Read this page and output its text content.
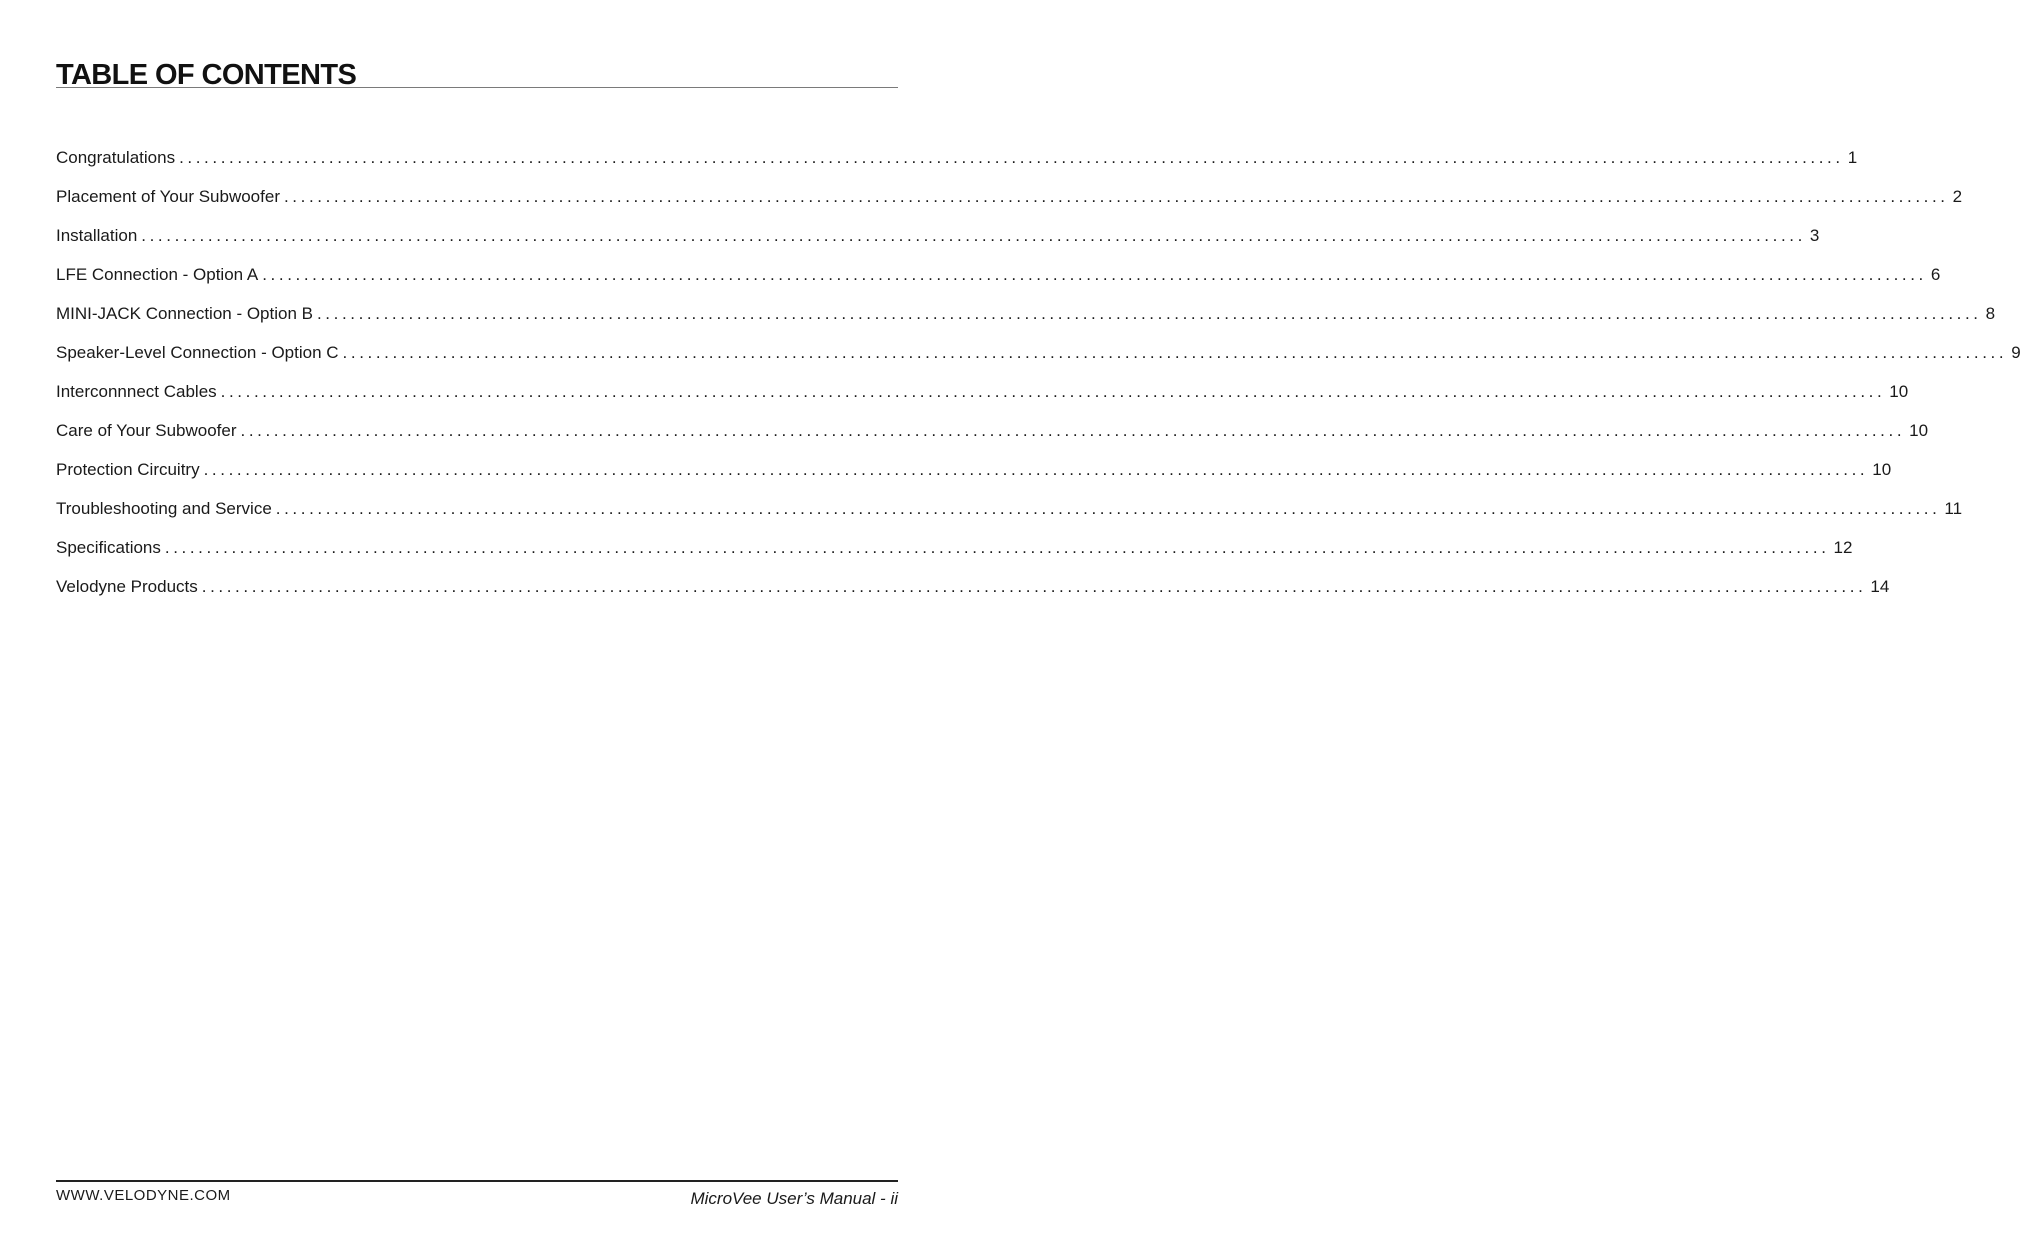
TABLE OF CONTENTS
Congratulations ........................................................................................................................................................................................................ 1
Placement of Your Subwoofer ........................................................................................................................................................................................................ 2
Installation ........................................................................................................................................................................................................ 3
LFE Connection - Option A ........................................................................................................................................................................................................ 6
MINI-JACK Connection - Option B ........................................................................................................................................................................................................ 8
Speaker-Level Connection - Option C ........................................................................................................................................................................................................ 9
Interconnnect Cables ........................................................................................................................................................................................................ 10
Care of Your Subwoofer ........................................................................................................................................................................................................ 10
Protection Circuitry ........................................................................................................................................................................................................ 10
Troubleshooting and Service ........................................................................................................................................................................................................ 11
Specifications ........................................................................................................................................................................................................ 12
Velodyne Products ........................................................................................................................................................................................................ 14
WWW.VELODYNE.COM	MicroVee User’s Manual - ii
